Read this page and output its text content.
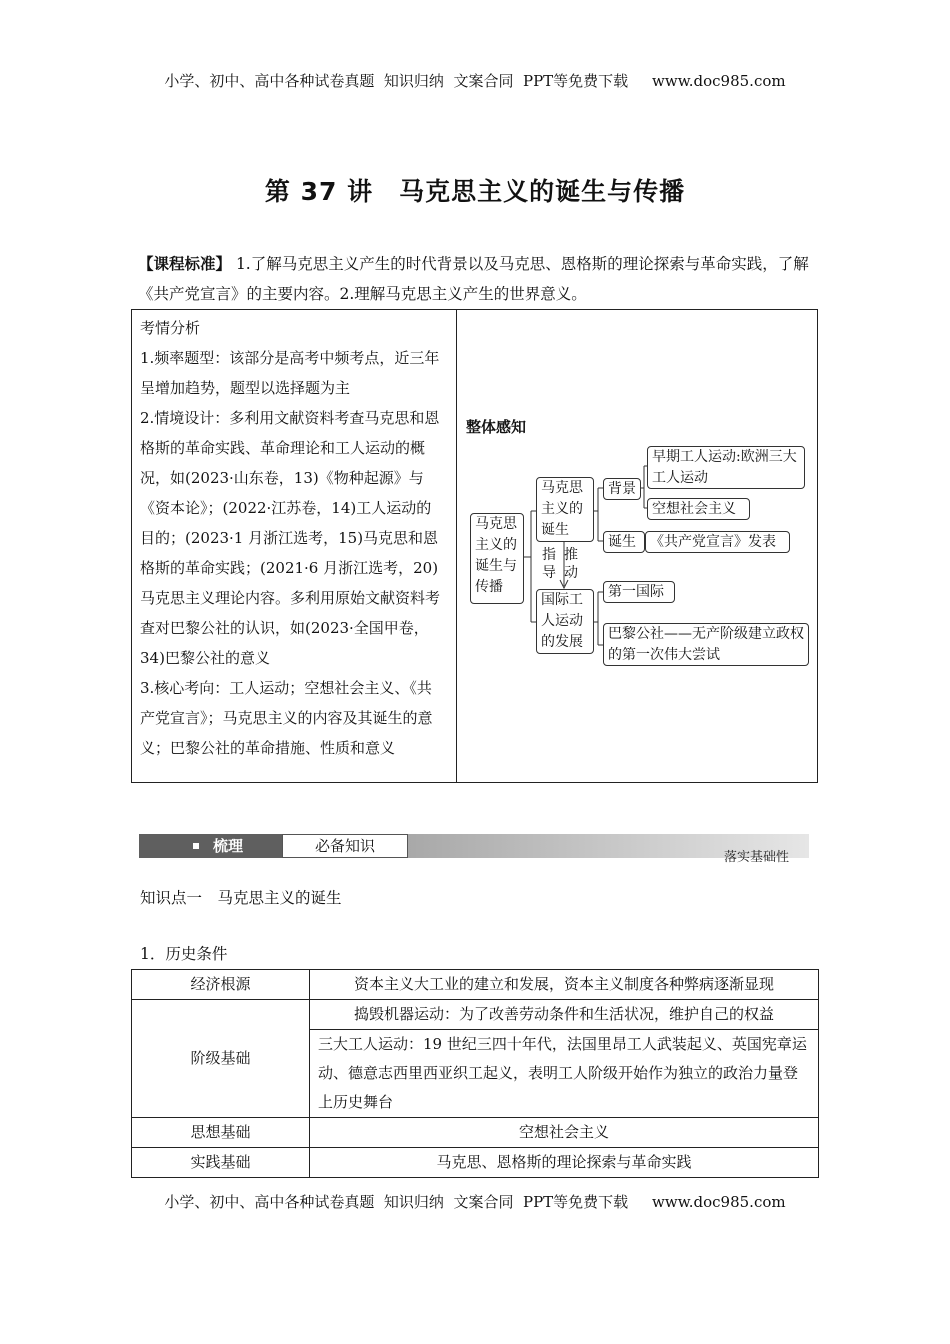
小学、初中、高中各种试卷真题  知识归纳  文案合同  PPT等免费下载     www.doc985.com
第 37 讲　马克思主义的诞生与传播
【课程标准】 1.了解马克思主义产生的时代背景以及马克思、恩格斯的理论探索与革命实践，了解《共产党宣言》的主要内容。2.理解马克思主义产生的世界意义。
考情分析
1.频率题型：该部分是高考中频考点，近三年呈增加趋势，题型以选择题为主
2.情境设计：多利用文献资料考查马克思和恩格斯的革命实践、革命理论和工人运动的概况，如(2023·山东卷，13)《物种起源》与《资本论》；(2022·江苏卷，14)工人运动的目的；(2023·1 月浙江选考，15)马克思和恩格斯的革命实践；(2021·6 月浙江选考，20)马克思主义理论内容。多利用原始文献资料考查对巴黎公社的认识，如(2023·全国甲卷，34)巴黎公社的意义
3.核心考向：工人运动；空想社会主义、《共产党宣言》；马克思主义的内容及其诞生的意义；巴黎公社的革命措施、性质和意义
整体感知
马克思主义的诞生与传播
马克思主义的诞生
国际工人运动的发展
指导
推动
背景
早期工人运动:欧洲三大工人运动
空想社会主义
诞生	《共产党宣言》发表
第一国际
巴黎公社——无产阶级建立政权的第一次伟大尝试
梳理	必备知识
落实基础性
知识点一　马克思主义的诞生
1．历史条件
经济根源	资本主义大工业的建立和发展，资本主义制度各种弊病逐渐显现
阶级基础	捣毁机器运动：为了改善劳动条件和生活状况，维护自己的权益
	三大工人运动：19 世纪三四十年代，法国里昂工人武装起义、英国宪章运动、德意志西里西亚织工起义，表明工人阶级开始作为独立的政治力量登上历史舞台
思想基础	空想社会主义
实践基础	马克思、恩格斯的理论探索与革命实践
小学、初中、高中各种试卷真题  知识归纳  文案合同  PPT等免费下载     www.doc985.com
